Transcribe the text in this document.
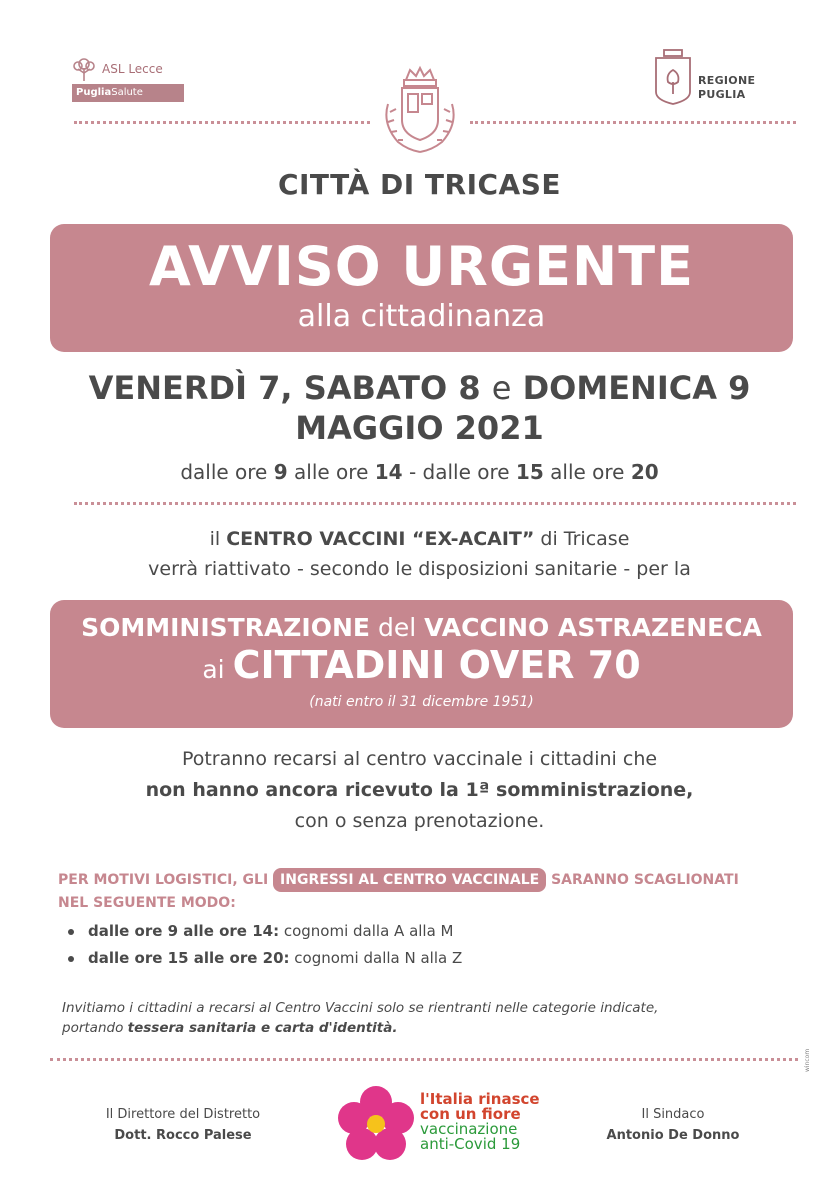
ASL Lecce
PugliaSalute
REGIONE
PUGLIA
CITTÀ DI TRICASE
AVVISO URGENTE
alla cittadinanza
VENERDÌ 7, SABATO 8 e DOMENICA 9
MAGGIO 2021
dalle ore 9 alle ore 14 - dalle ore 15 alle ore 20
il CENTRO VACCINI “EX-ACAIT” di Tricase
verrà riattivato - secondo le disposizioni sanitarie - per la
SOMMINISTRAZIONE del VACCINO ASTRAZENECA
ai CITTADINI OVER 70
(nati entro il 31 dicembre 1951)
Potranno recarsi al centro vaccinale i cittadini che
non hanno ancora ricevuto la 1ª somministrazione,
con o senza prenotazione.
PER MOTIVI LOGISTICI, GLI INGRESSI AL CENTRO VACCINALE SARANNO SCAGLIONATI
NEL SEGUENTE MODO:
dalle ore 9 alle ore 14: cognomi dalla A alla M
dalle ore 15 alle ore 20: cognomi dalla N alla Z
Invitiamo i cittadini a recarsi al Centro Vaccini solo se rientranti nelle categorie indicate,
portando tessera sanitaria e carta d'identità.
Il Direttore del Distretto
Dott. Rocco Palese
l'Italia rinasce
con un fiore
vaccinazione
anti-Covid 19
Il Sindaco
Antonio De Donno
wincom
